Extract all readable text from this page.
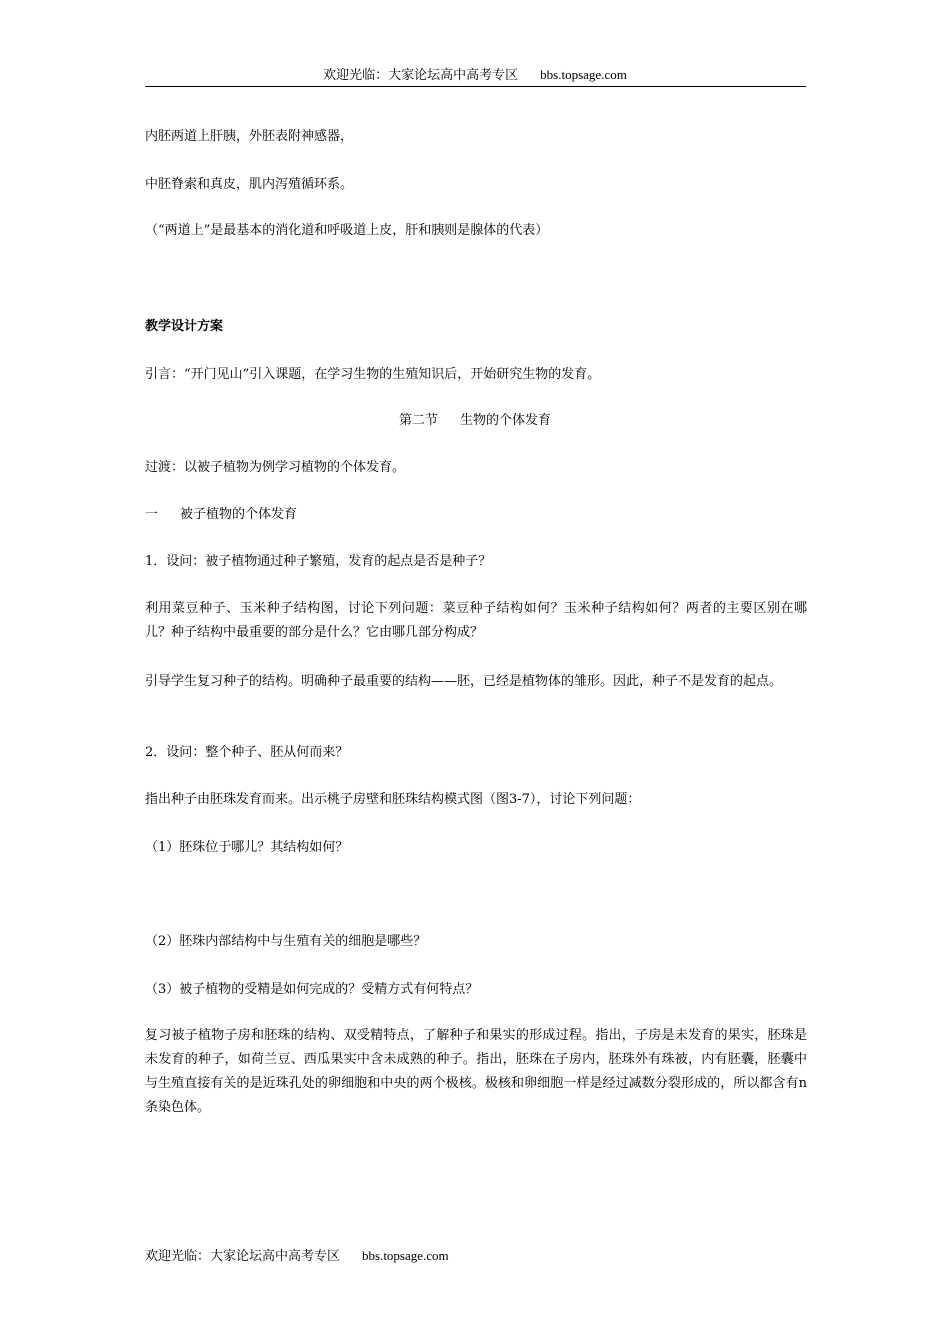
欢迎光临：大家论坛高中高考专区 bbs.topsage.com
内胚两道上肝胰，外胚表附神感器，
中胚脊索和真皮，肌内泻殖循环系。
（“两道上”是最基本的消化道和呼吸道上皮，肝和胰则是腺体的代表）
教学设计方案
引言：“开门见山”引入课题，在学习生物的生殖知识后，开始研究生物的发育。
第二节 生物的个体发育
过渡：以被子植物为例学习植物的个体发育。
一 被子植物的个体发育
1．设问：被子植物通过种子繁殖，发育的起点是否是种子？
利用菜豆种子、玉米种子结构图，讨论下列问题：菜豆种子结构如何？玉米种子结构如何？两者的主要区别在哪儿？种子结构中最重要的部分是什么？它由哪几部分构成？
引导学生复习种子的结构。明确种子最重要的结构——胚，已经是植物体的雏形。因此，种子不是发育的起点。
2．设问：整个种子、胚从何而来？
指出种子由胚珠发育而来。出示桃子房壁和胚珠结构模式图（图3-7），讨论下列问题：
（1）胚珠位于哪儿？其结构如何？
（2）胚珠内部结构中与生殖有关的细胞是哪些？
（3）被子植物的受精是如何完成的？受精方式有何特点？
复习被子植物子房和胚珠的结构、双受精特点，了解种子和果实的形成过程。指出，子房是未发育的果实，胚珠是未发育的种子，如荷兰豆、西瓜果实中含未成熟的种子。指出，胚珠在子房内，胚珠外有珠被，内有胚囊，胚囊中与生殖直接有关的是近珠孔处的卵细胞和中央的两个极核。极核和卵细胞一样是经过减数分裂形成的，所以都含有n条染色体。
欢迎光临：大家论坛高中高考专区 bbs.topsage.com
